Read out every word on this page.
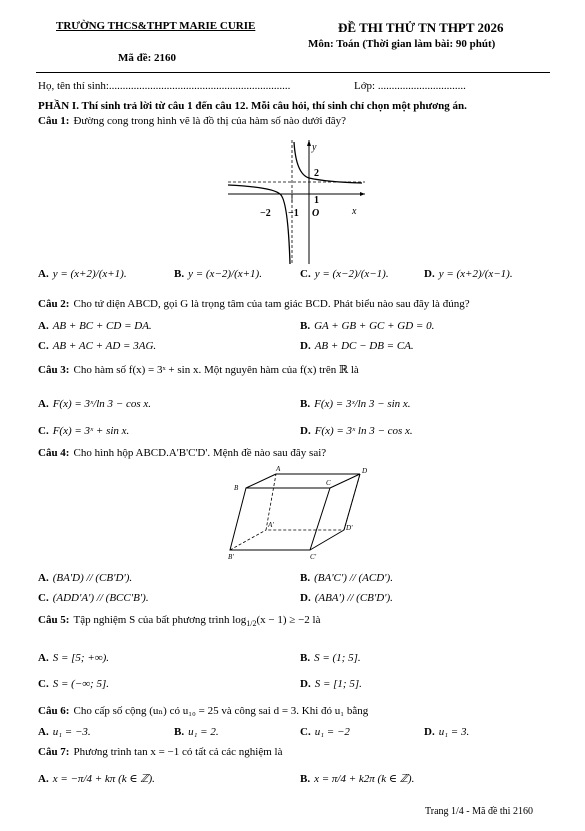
TRƯỜNG THCS&THPT MARIE CURIE
Mã đề: 2160
ĐỀ THI THỬ TN THPT 2026
Môn: Toán (Thời gian làm bài: 90 phút)
Họ, tên thí sinh:..................................................................	Lớp: ................................
PHẦN I. Thí sinh trả lời từ câu 1 đến câu 12. Mỗi câu hỏi, thí sinh chỉ chọn một phương án.
Câu 1: Đường cong trong hình vẽ là đồ thị của hàm số nào dưới đây?
y
x
O
2
1
−2 −1
A. y = (x+2)/(x+1).	B. y = (x−2)/(x+1).	C. y = (x−2)/(x−1).	D. y = (x+2)/(x−1).
Câu 2: Cho tứ diện ABCD, gọi G là trọng tâm của tam giác BCD. Phát biểu nào sau đây là đúng?
A. AB + BC + CD = DA.	B. GA + GB + GC + GD = 0.
C. AB + AC + AD = 3AG.	D. AB + DC − DB = CA.
Câu 3: Cho hàm số f(x) = 3ˣ + sin x. Một nguyên hàm của f(x) trên ℝ là
A. F(x) = 3ˣ/ln 3 − cos x.	B. F(x) = 3ˣ/ln 3 − sin x.
C. F(x) = 3ˣ + sin x.	D. F(x) = 3ˣ ln 3 − cos x.
Câu 4: Cho hình hộp ABCD.A'B'C'D'. Mệnh đề nào sau đây sai?
A	D
B
C
A'	D'
B'	C'
A. (BA'D) // (CB'D').	B. (BA'C') // (ACD').
C. (ADD'A') // (BCC'B').	D. (ABA') // (CB'D').
Câu 5: Tập nghiệm S của bất phương trình $\log_{1/2}(x - 1) \ge -2$ là
A. S = [5; +∞).	B. S = (1; 5].
C. S = (−∞; 5].	D. S = [1; 5].
Câu 6: Cho cấp số cộng (uₙ) có u₁₀ = 25 và công sai d = 3. Khi đó u₁ bằng
A. u₁ = −3.	B. u₁ = 2.	C. u₁ = −2	D. u₁ = 3.
Câu 7: Phương trình tan x = −1 có tất cả các nghiệm là
A. x = −π/4 + kπ (k ∈ ℤ).	B. x = π/4 + k2π (k ∈ ℤ).
Trang 1/4 - Mã đề thi 2160
